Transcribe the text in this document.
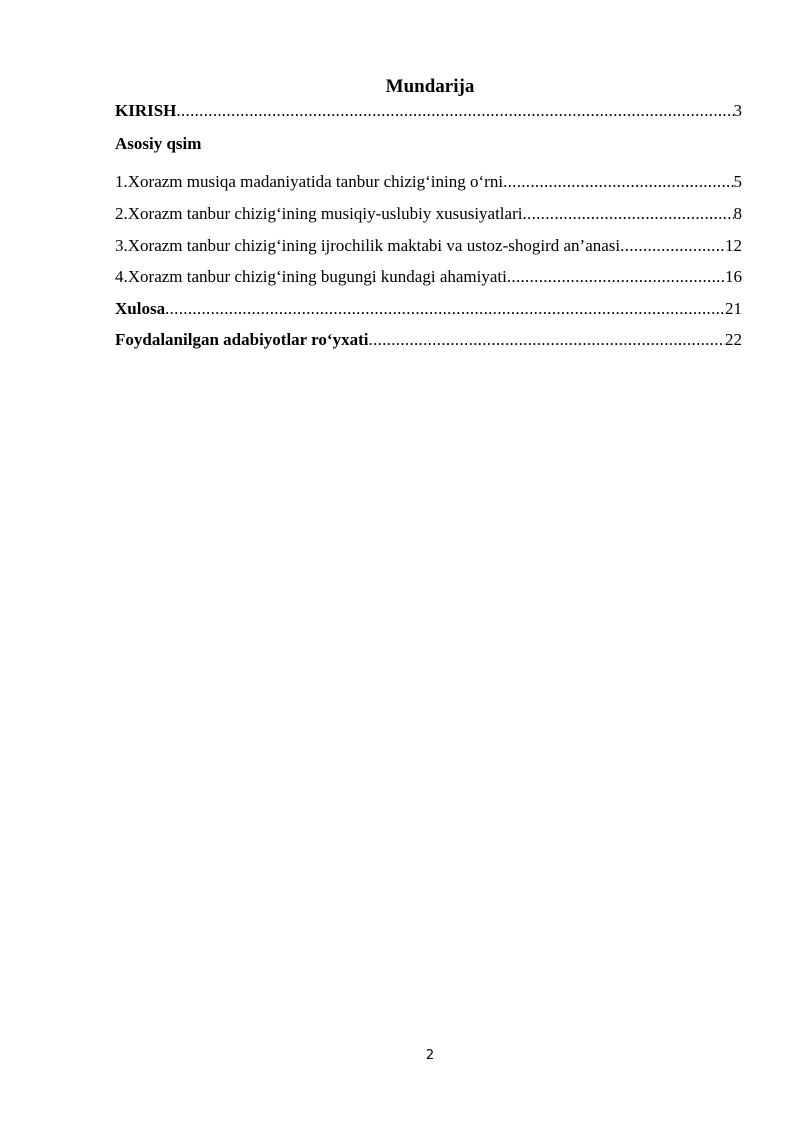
Mundarija
KIRISH .....	3
Asosiy qsim
1.Xorazm musiqa madaniyatida tanbur chizig‘ining o‘rni .....	5
2.Xorazm tanbur chizig‘ining musiqiy-uslubiy xususiyatlari .....	8
3.Xorazm tanbur chizig‘ining ijrochilik maktabi va ustoz-shogird an’anasi .....	12
4.Xorazm tanbur chizig‘ining bugungi kundagi ahamiyati .....	16
Xulosa .....	21
Foydalanilgan adabiyotlar ro‘yxati .....	22
2
